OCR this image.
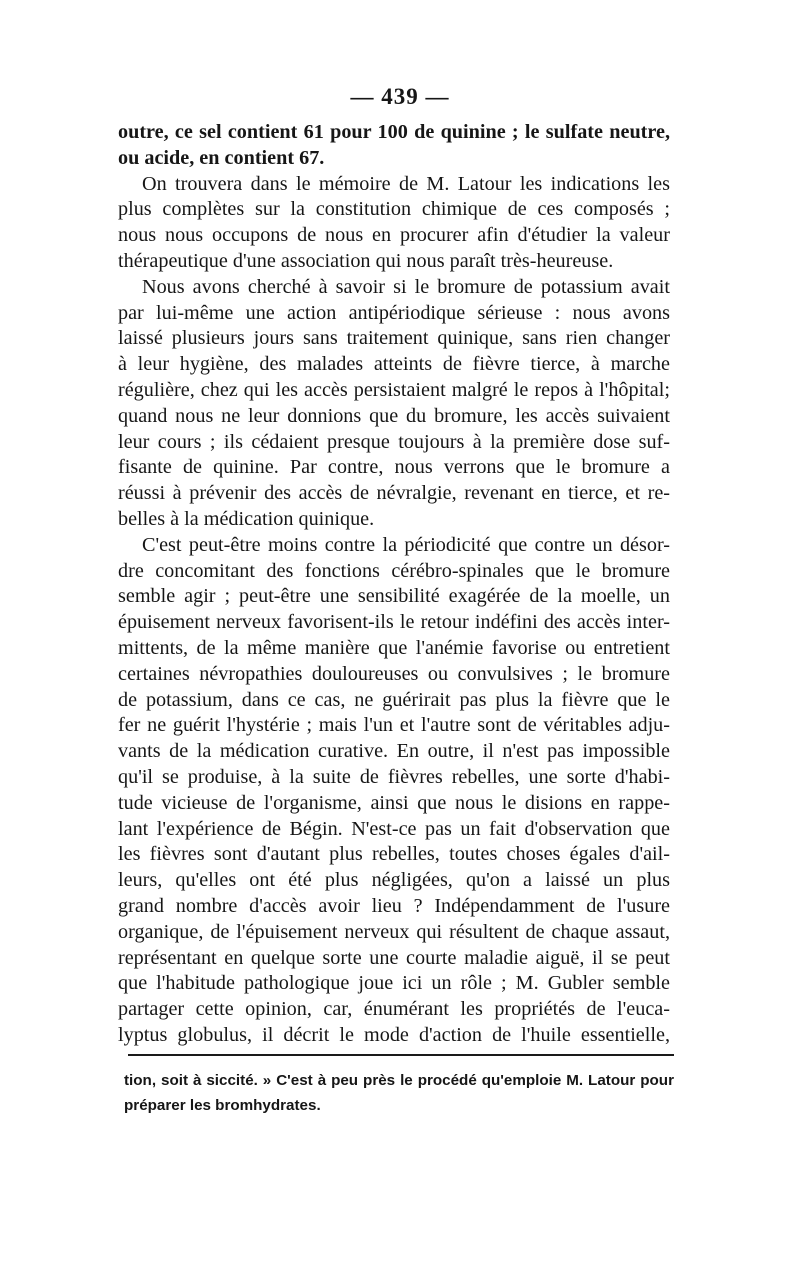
— 439 —
outre, ce sel contient 61 pour 100 de quinine ; le sulfate neutre,
ou acide, en contient 67.
On trouvera dans le mémoire de M. Latour les indications les
plus complètes sur la constitution chimique de ces composés ;
nous nous occupons de nous en procurer afin d'étudier la valeur
thérapeutique d'une association qui nous paraît très-heureuse.
Nous avons cherché à savoir si le bromure de potassium avait
par lui-même une action antipériodique sérieuse : nous avons
laissé plusieurs jours sans traitement quinique, sans rien changer
à leur hygiène, des malades atteints de fièvre tierce, à marche
régulière, chez qui les accès persistaient malgré le repos à l'hôpital;
quand nous ne leur donnions que du bromure, les accès suivaient
leur cours ; ils cédaient presque toujours à la première dose suf-
fisante de quinine. Par contre, nous verrons que le bromure a
réussi à prévenir des accès de névralgie, revenant en tierce, et re-
belles à la médication quinique.
C'est peut-être moins contre la périodicité que contre un désor-
dre concomitant des fonctions cérébro-spinales que le bromure
semble agir ; peut-être une sensibilité exagérée de la moelle, un
épuisement nerveux favorisent-ils le retour indéfini des accès inter-
mittents, de la même manière que l'anémie favorise ou entretient
certaines névropathies douloureuses ou convulsives ; le bromure
de potassium, dans ce cas, ne guérirait pas plus la fièvre que le
fer ne guérit l'hystérie ; mais l'un et l'autre sont de véritables adju-
vants de la médication curative. En outre, il n'est pas impossible
qu'il se produise, à la suite de fièvres rebelles, une sorte d'habi-
tude vicieuse de l'organisme, ainsi que nous le disions en rappe-
lant l'expérience de Bégin. N'est-ce pas un fait d'observation que
les fièvres sont d'autant plus rebelles, toutes choses égales d'ail-
leurs, qu'elles ont été plus négligées, qu'on a laissé un plus
grand nombre d'accès avoir lieu ? Indépendamment de l'usure
organique, de l'épuisement nerveux qui résultent de chaque assaut,
représentant en quelque sorte une courte maladie aiguë, il se peut
que l'habitude pathologique joue ici un rôle ; M. Gubler semble
partager cette opinion, car, énumérant les propriétés de l'euca-
lyptus globulus, il décrit le mode d'action de l'huile essentielle,
tion, soit à siccité. » C'est à peu près le procédé qu'emploie M. Latour pour
préparer les bromhydrates.
